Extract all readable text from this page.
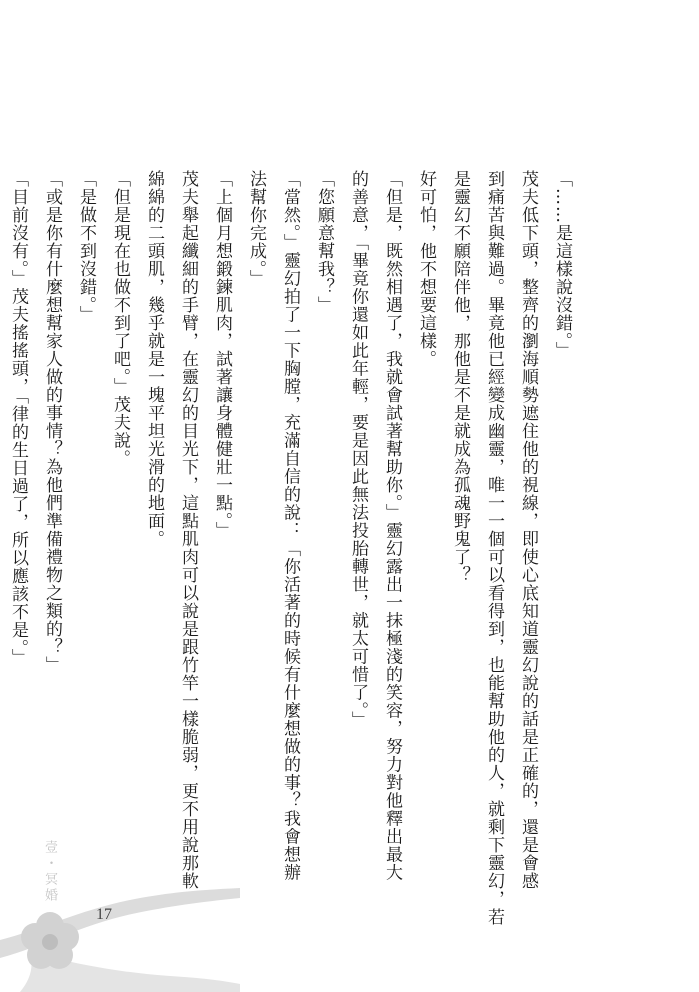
「……是這樣說沒錯。」
茂夫低下頭，整齊的瀏海順勢遮住他的視線，即使心底知道靈幻說的話是正確的，還是會感
到痛苦與難過。畢竟他已經變成幽靈，唯一一個可以看得到，也能幫助他的人，就剩下靈幻，若
是靈幻不願陪伴他，那他是不是就成為孤魂野鬼了？
好可怕，他不想要這樣。
「但是，既然相遇了，我就會試著幫助你。」靈幻露出一抹極淺的笑容，努力對他釋出最大
的善意，「畢竟你還如此年輕，要是因此無法投胎轉世，就太可惜了。」
「您願意幫我？」
「當然。」靈幻拍了一下胸膛，充滿自信的說：「你活著的時候有什麼想做的事？我會想辦
法幫你完成。」
「上個月想鍛鍊肌肉，試著讓身體健壯一點。」
茂夫舉起纖細的手臂，在靈幻的目光下，這點肌肉可以說是跟竹竿一樣脆弱，更不用說那軟
綿綿的二頭肌，幾乎就是一塊平坦光滑的地面。
「但是現在也做不到了吧。」茂夫說。
「是做不到沒錯。」
「或是你有什麼想幫家人做的事情？為他們準備禮物之類的？」
「目前沒有。」茂夫搖搖頭，「律的生日過了，所以應該不是。」
壹・冥婚
17
